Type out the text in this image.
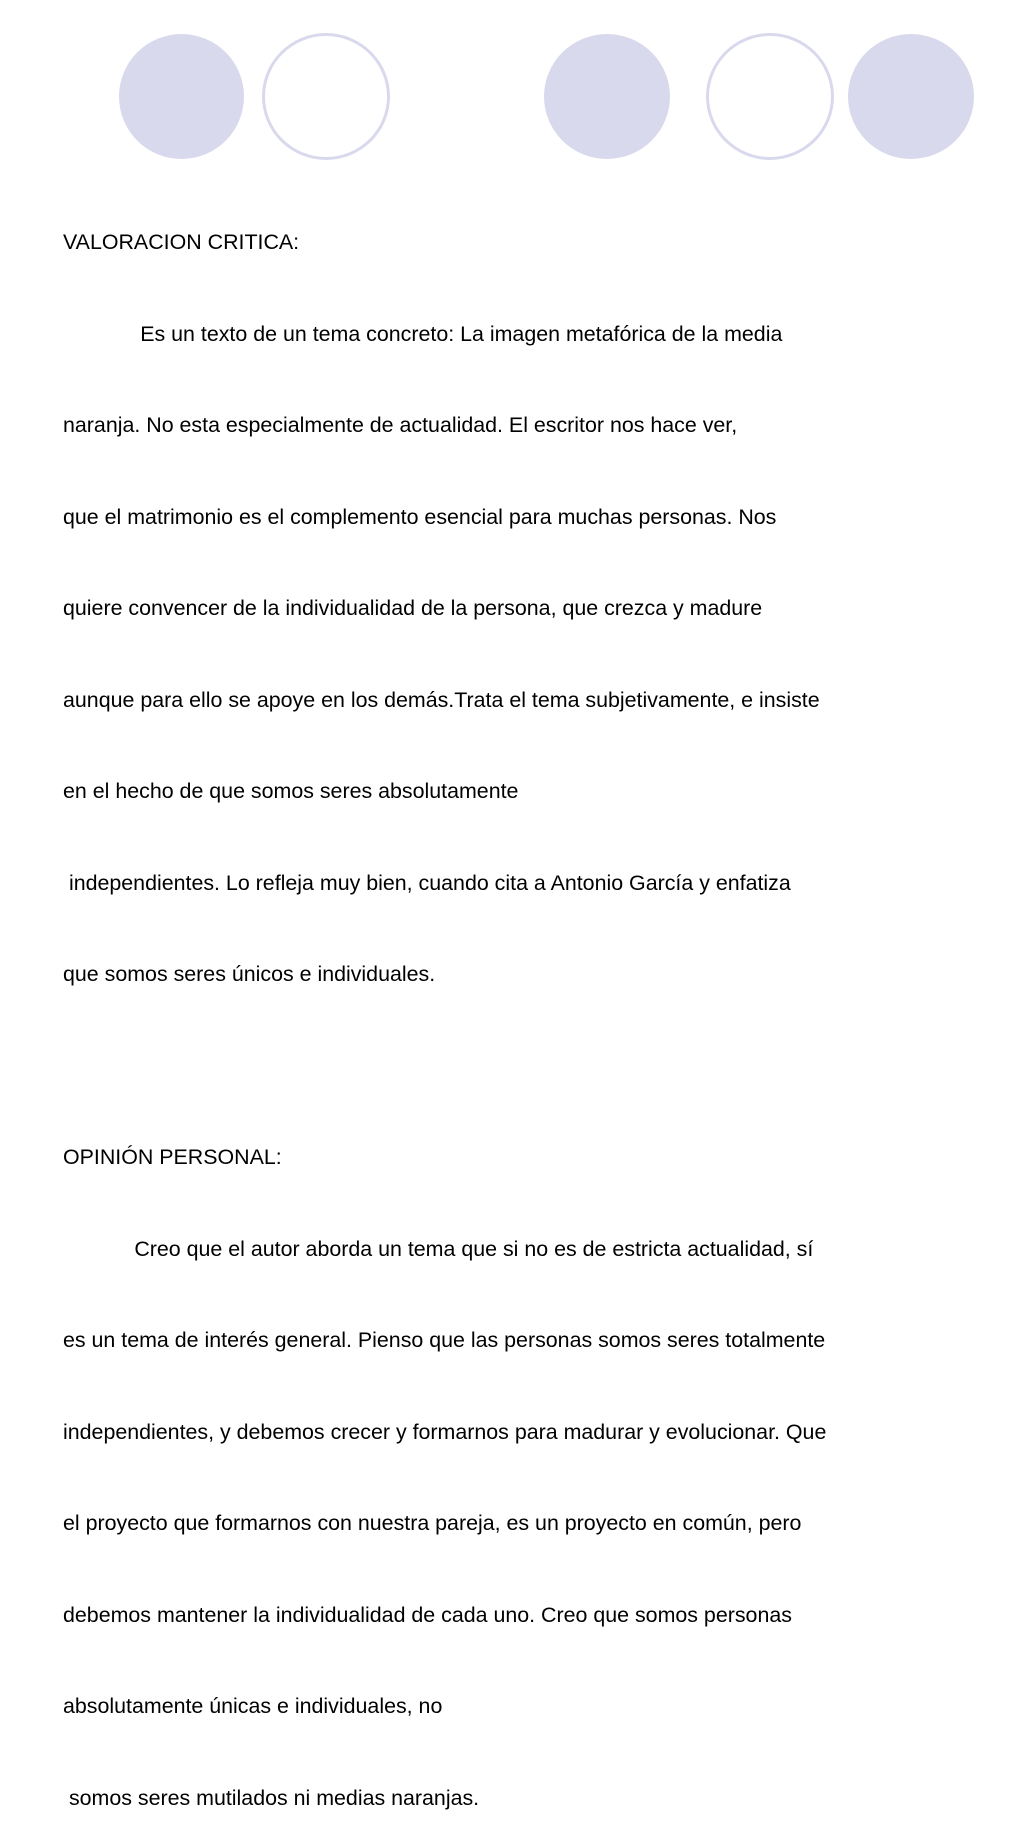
VALORACION CRITICA:

Es un texto de un tema concreto: La imagen metafórica de la media

naranja. No esta especialmente de actualidad. El escritor nos hace ver,

que el matrimonio es el complemento esencial para muchas personas. Nos

quiere convencer de la individualidad de la persona, que crezca y madure

aunque para ello se apoye en los demás.Trata el tema subjetivamente, e insiste

en el hecho de que somos seres absolutamente

independientes. Lo refleja muy bien, cuando cita a Antonio García y enfatiza

que somos seres únicos e individuales.

OPINIÓN PERSONAL:

Creo que el autor aborda un tema que si no es de estricta actualidad, sí

es un tema de interés general. Pienso que las personas somos seres totalmente

independientes, y debemos crecer y formarnos para madurar y evolucionar. Que

el proyecto que formarnos con nuestra pareja, es un proyecto en común, pero

debemos mantener la individualidad de cada uno. Creo que somos personas

absolutamente únicas e individuales, no

somos seres mutilados ni medias naranjas.
